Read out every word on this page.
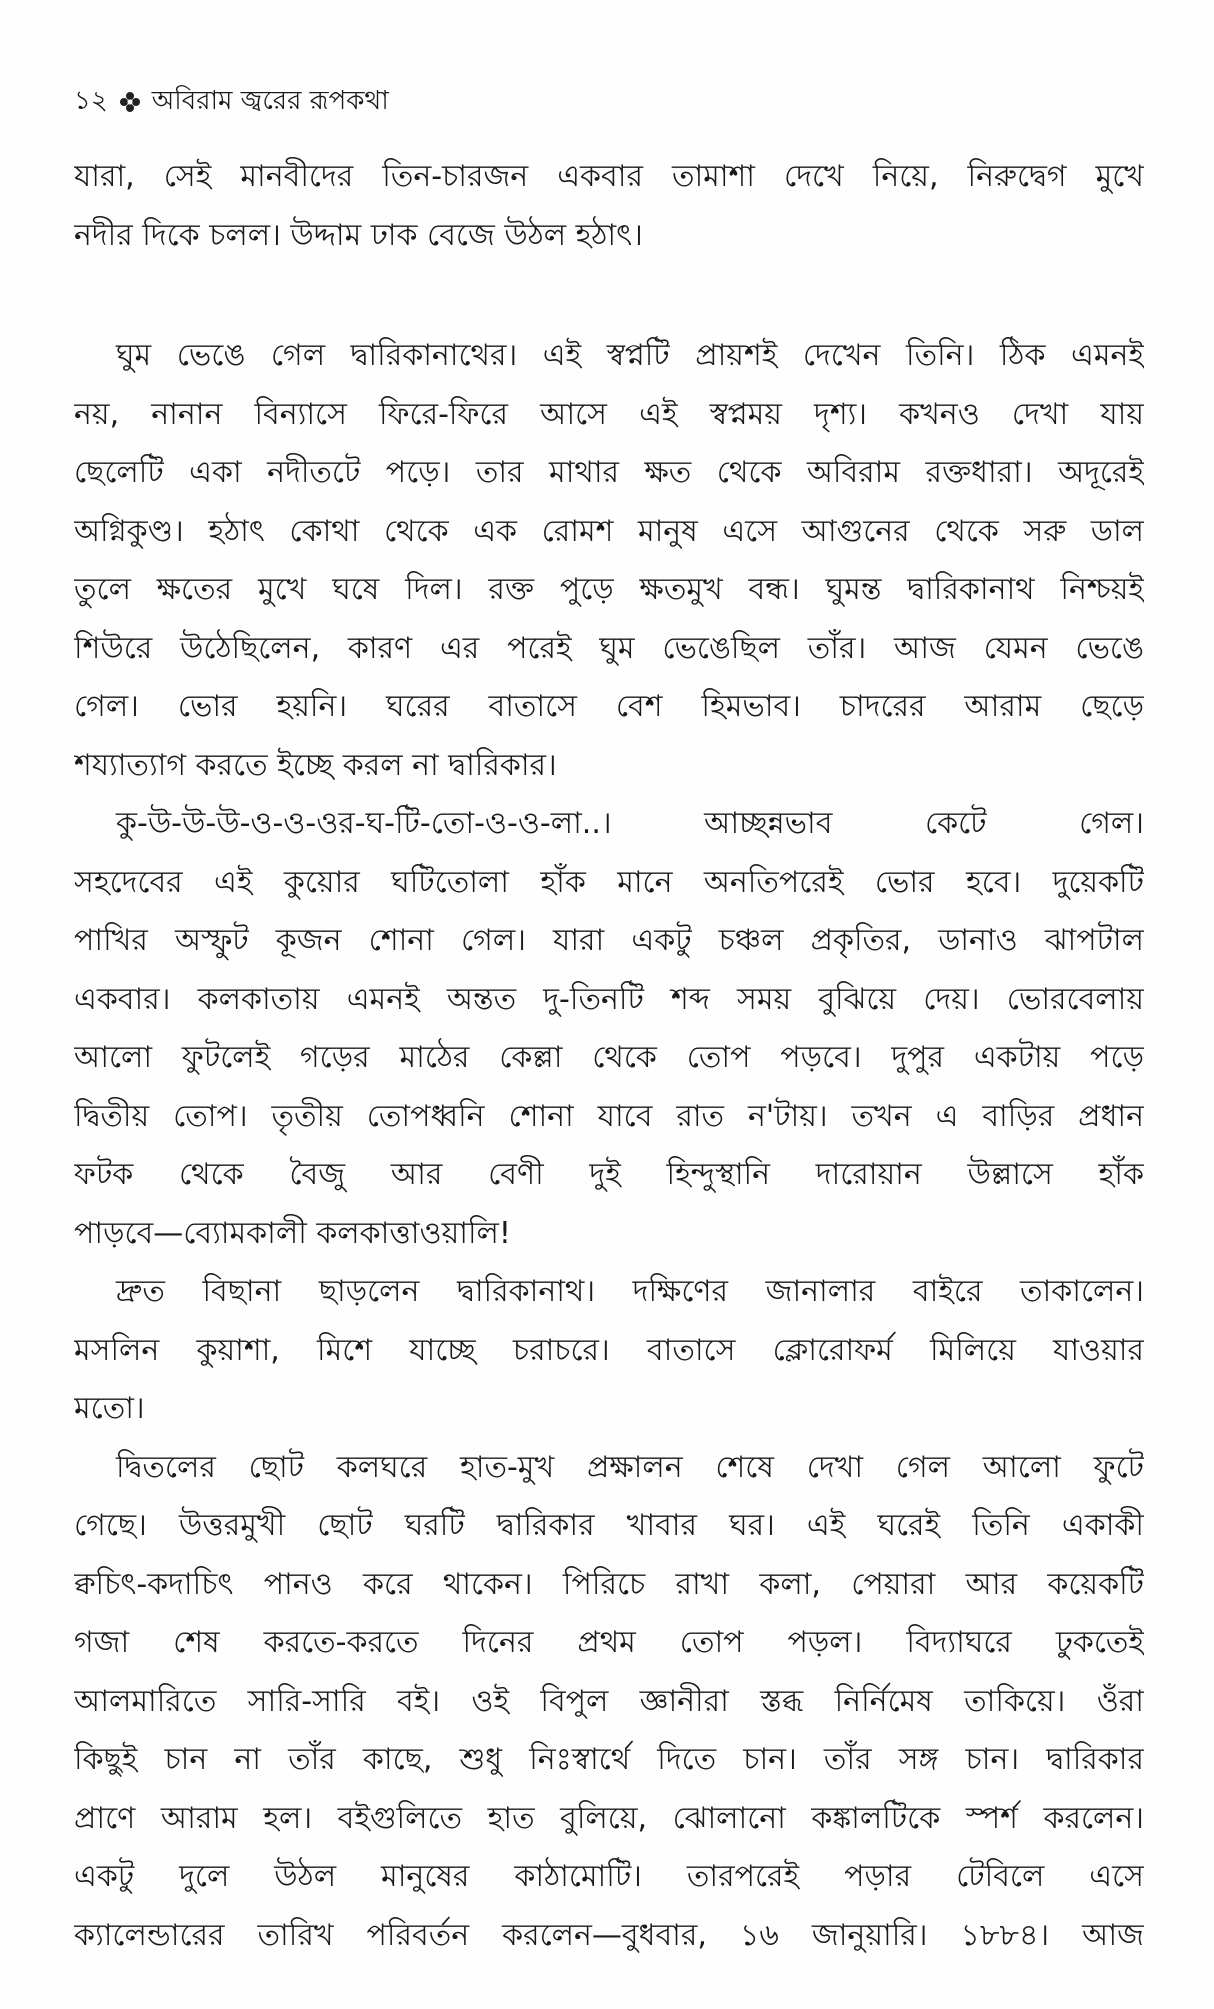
১২ অবিরাম জ্বরের রূপকথা
যারা, সেই মানবীদের তিন-চারজন একবার তামাশা দেখে নিয়ে, নিরুদ্বেগ মুখে
নদীর দিকে চলল। উদ্দাম ঢাক বেজে উঠল হঠাৎ।
ঘুম ভেঙে গেল দ্বারিকানাথের। এই স্বপ্নটি প্রায়শই দেখেন তিনি। ঠিক এমনই
নয়, নানান বিন্যাসে ফিরে-ফিরে আসে এই স্বপ্নময় দৃশ্য। কখনও দেখা যায়
ছেলেটি একা নদীতটে পড়ে। তার মাথার ক্ষত থেকে অবিরাম রক্তধারা। অদূরেই
অগ্নিকুণ্ড। হঠাৎ কোথা থেকে এক রোমশ মানুষ এসে আগুনের থেকে সরু ডাল
তুলে ক্ষতের মুখে ঘষে দিল। রক্ত পুড়ে ক্ষতমুখ বন্ধ। ঘুমন্ত দ্বারিকানাথ নিশ্চয়ই
শিউরে উঠেছিলেন, কারণ এর পরেই ঘুম ভেঙেছিল তাঁর। আজ যেমন ভেঙে
গেল। ভোর হয়নি। ঘরের বাতাসে বেশ হিমভাব। চাদরের আরাম ছেড়ে
শয্যাত্যাগ করতে ইচ্ছে করল না দ্বারিকার।
কু-উ-উ-উ-ও-ও-ওর-ঘ-টি-তো-ও-ও-লা..। আচ্ছন্নভাব কেটে গেল।
সহদেবের এই কুয়োর ঘটিতোলা হাঁক মানে অনতিপরেই ভোর হবে। দুয়েকটি
পাখির অস্ফুট কূজন শোনা গেল। যারা একটু চঞ্চল প্রকৃতির, ডানাও ঝাপটাল
একবার। কলকাতায় এমনই অন্তত দু-তিনটি শব্দ সময় বুঝিয়ে দেয়। ভোরবেলায়
আলো ফুটলেই গড়ের মাঠের কেল্লা থেকে তোপ পড়বে। দুপুর একটায় পড়ে
দ্বিতীয় তোপ। তৃতীয় তোপধ্বনি শোনা যাবে রাত ন'টায়। তখন এ বাড়ির প্রধান
ফটক থেকে বৈজু আর বেণী দুই হিন্দুস্থানি দারোয়ান উল্লাসে হাঁক
পাড়বে—ব্যোমকালী কলকাত্তাওয়ালি!
দ্রুত বিছানা ছাড়লেন দ্বারিকানাথ। দক্ষিণের জানালার বাইরে তাকালেন।
মসলিন কুয়াশা, মিশে যাচ্ছে চরাচরে। বাতাসে ক্লোরোফর্ম মিলিয়ে যাওয়ার
মতো।
দ্বিতলের ছোট কলঘরে হাত-মুখ প্রক্ষালন শেষে দেখা গেল আলো ফুটে
গেছে। উত্তরমুখী ছোট ঘরটি দ্বারিকার খাবার ঘর। এই ঘরেই তিনি একাকী
ক্বচিৎ-কদাচিৎ পানও করে থাকেন। পিরিচে রাখা কলা, পেয়ারা আর কয়েকটি
গজা শেষ করতে-করতে দিনের প্রথম তোপ পড়ল। বিদ্যাঘরে ঢুকতেই
আলমারিতে সারি-সারি বই। ওই বিপুল জ্ঞানীরা স্তব্ধ নির্নিমেষ তাকিয়ে। ওঁরা
কিছুই চান না তাঁর কাছে, শুধু নিঃস্বার্থে দিতে চান। তাঁর সঙ্গ চান। দ্বারিকার
প্রাণে আরাম হল। বইগুলিতে হাত বুলিয়ে, ঝোলানো কঙ্কালটিকে স্পর্শ করলেন।
একটু দুলে উঠল মানুষের কাঠামোটি। তারপরেই পড়ার টেবিলে এসে
ক্যালেন্ডারের তারিখ পরিবর্তন করলেন—বুধবার, ১৬ জানুয়ারি। ১৮৮৪। আজ
